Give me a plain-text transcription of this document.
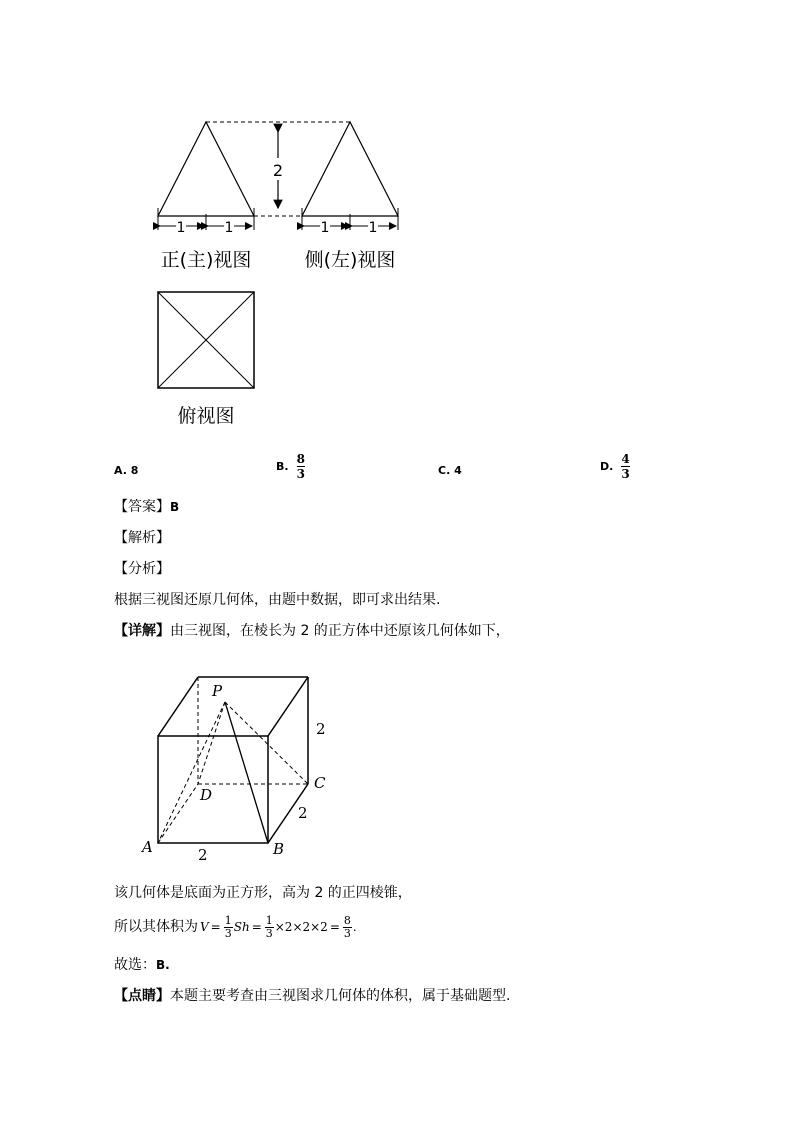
2
1	1	1	1
正(主)视图	侧(左)视图
俯视图
A. 8	B. $\frac{8}{3}$	C. 4	D. $\frac{4}{3}$
【答案】B
【解析】
【分析】
根据三视图还原几何体，由题中数据，即可求出结果.
【详解】由三视图，在棱长为 2 的正方体中还原该几何体如下，
P
D
C
A	B
2
2
2
该几何体是底面为正方形，高为 2 的正四棱锥，
所以其体积为 $V = \frac{1}{3}$ $Sh = \frac{1}{3} \times 2\times 2\times 2 = \frac{8}{3}$ .
故选：B.
【点睛】本题主要考查由三视图求几何体的体积，属于基础题型.
